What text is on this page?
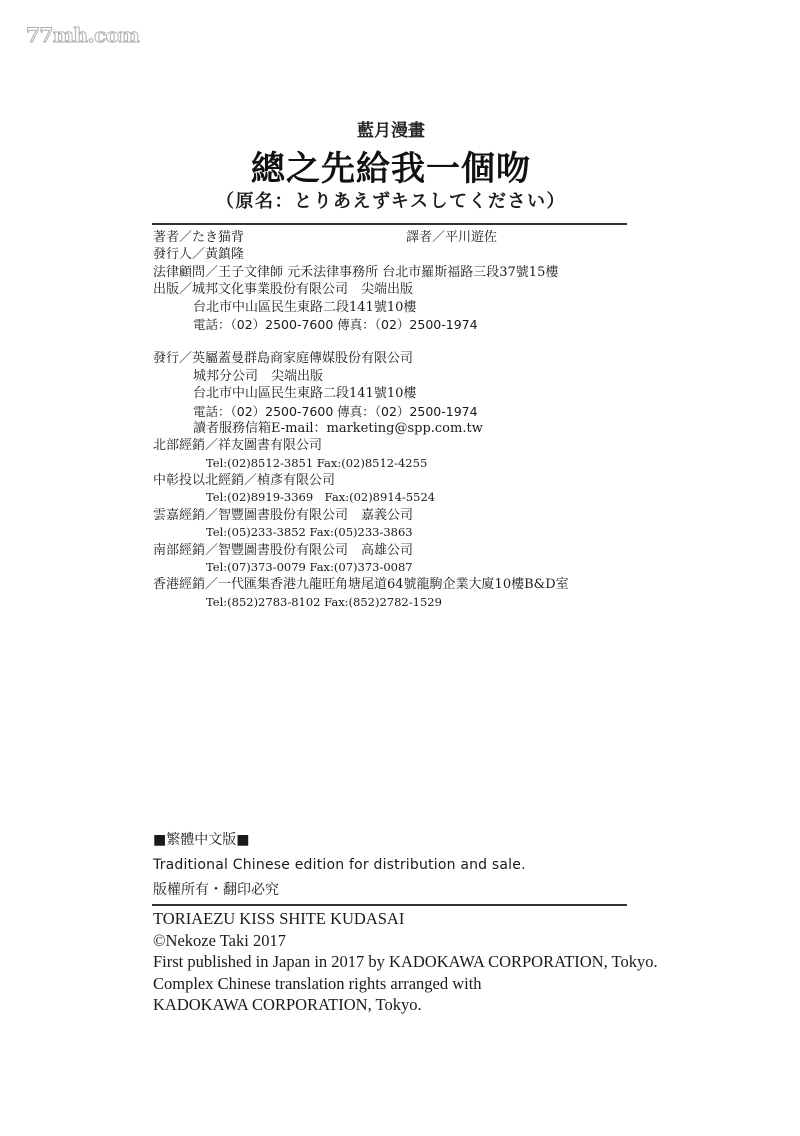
77mh.com
藍月漫畫
總之先給我一個吻
（原名：とりあえずキスしてください）
著者／たき猫背	譯者／平川遊佐
發行人／黃鎮隆
法律顧問／王子文律師 元禾法律事務所 台北市羅斯福路三段37號15樓
出版／城邦文化事業股份有限公司　尖端出版
台北市中山區民生東路二段141號10樓
電話：（02）2500-7600 傳真：（02）2500-1974
發行／英屬蓋曼群島商家庭傳媒股份有限公司
城邦分公司　尖端出版
台北市中山區民生東路二段141號10樓
電話：（02）2500-7600 傳真：（02）2500-1974
讀者服務信箱E-mail：marketing@spp.com.tw
北部經銷／祥友圖書有限公司
Tel:(02)8512-3851 Fax:(02)8512-4255
中彰投以北經銷／楨彥有限公司
Tel:(02)8919-3369　Fax:(02)8914-5524
雲嘉經銷／智豐圖書股份有限公司　嘉義公司
Tel:(05)233-3852 Fax:(05)233-3863
南部經銷／智豐圖書股份有限公司　高雄公司
Tel:(07)373-0079 Fax:(07)373-0087
香港經銷／一代匯集香港九龍旺角塘尾道64號龍駒企業大廈10樓B&D室
Tel:(852)2783-8102 Fax:(852)2782-1529
■繁體中文版■
Traditional Chinese edition for distribution and sale.
版權所有・翻印必究
TORIAEZU KISS SHITE KUDASAI
©Nekoze Taki 2017
First published in Japan in 2017 by KADOKAWA CORPORATION, Tokyo.
Complex Chinese translation rights arranged with
KADOKAWA CORPORATION, Tokyo.
